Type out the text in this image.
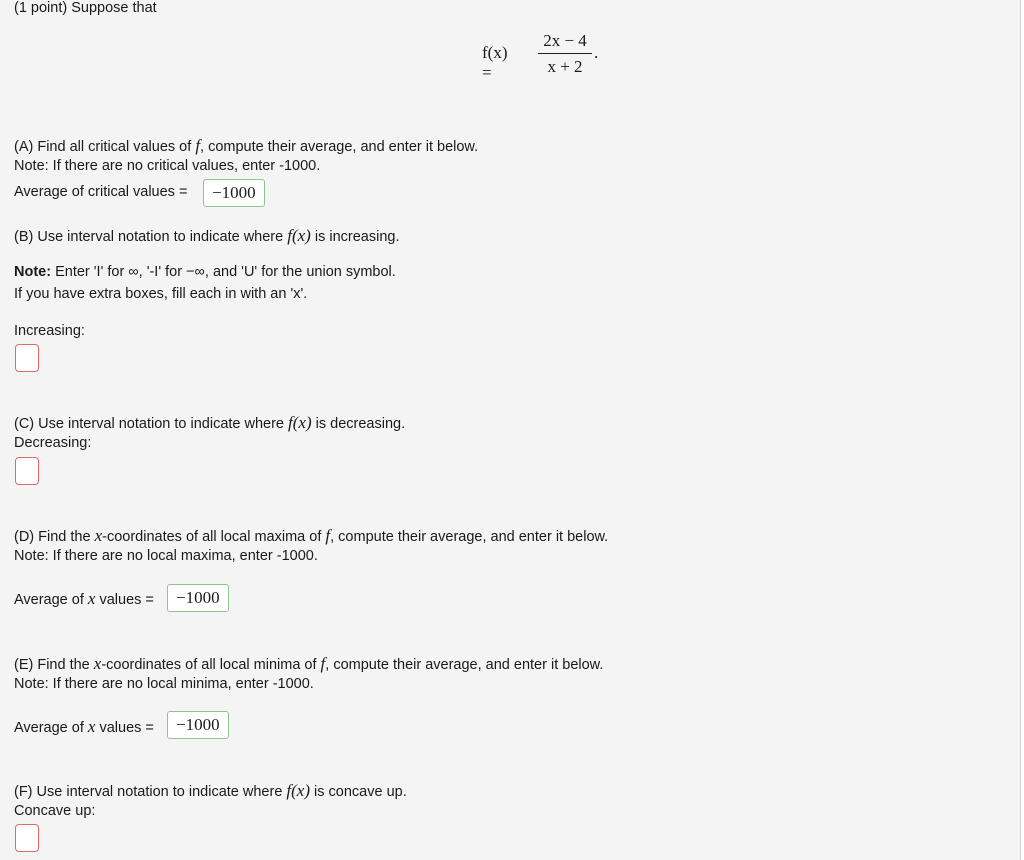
(1 point) Suppose that
f(x) =
2x − 4
x + 2
.
(A) Find all critical values of f, compute their average, and enter it below.
Note: If there are no critical values, enter -1000.
Average of critical values =	−1000
(B) Use interval notation to indicate where f(x) is increasing.
Note: Enter 'I' for ∞, '-I' for −∞, and 'U' for the union symbol.
If you have extra boxes, fill each in with an 'x'.
Increasing:
(C) Use interval notation to indicate where f(x) is decreasing.
Decreasing:
(D) Find the x-coordinates of all local maxima of f, compute their average, and enter it below.
Note: If there are no local maxima, enter -1000.
Average of x values =	−1000
(E) Find the x-coordinates of all local minima of f, compute their average, and enter it below.
Note: If there are no local minima, enter -1000.
Average of x values =	−1000
(F) Use interval notation to indicate where f(x) is concave up.
Concave up:
